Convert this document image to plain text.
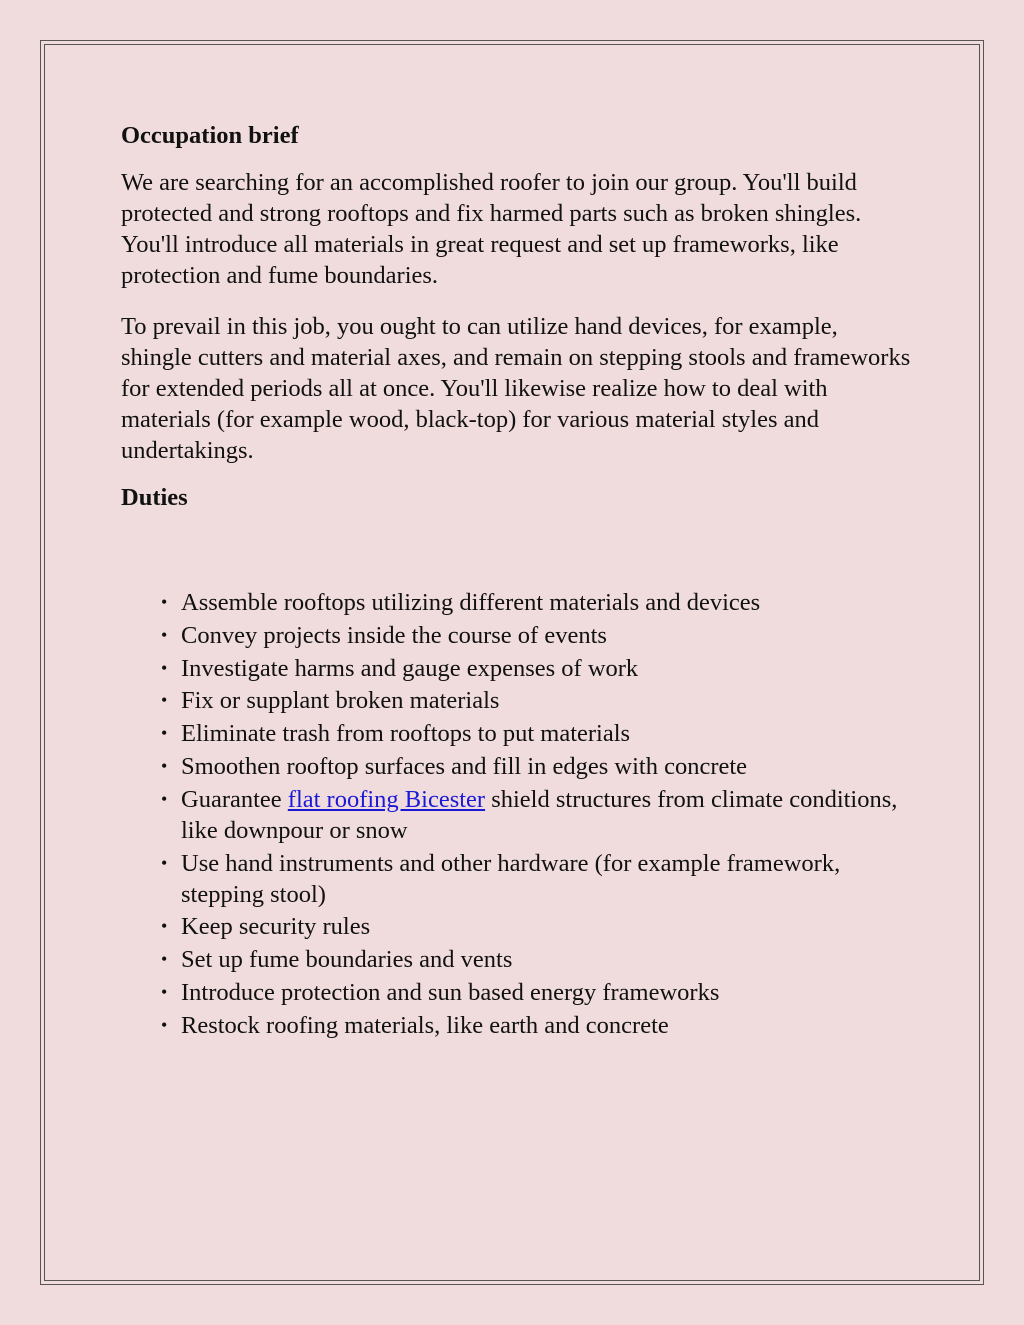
Occupation brief

We are searching for an accomplished roofer to join our group. You'll build protected and strong rooftops and fix harmed parts such as broken shingles. You'll introduce all materials in great request and set up frameworks, like protection and fume boundaries.

To prevail in this job, you ought to can utilize hand devices, for example, shingle cutters and material axes, and remain on stepping stools and frameworks for extended periods all at once. You'll likewise realize how to deal with materials (for example wood, black-top) for various material styles and undertakings.

Duties
• Assemble rooftops utilizing different materials and devices
• Convey projects inside the course of events
• Investigate harms and gauge expenses of work
• Fix or supplant broken materials
• Eliminate trash from rooftops to put materials
• Smoothen rooftop surfaces and fill in edges with concrete
• Guarantee flat roofing Bicester shield structures from climate conditions, like downpour or snow
• Use hand instruments and other hardware (for example framework, stepping stool)
• Keep security rules
• Set up fume boundaries and vents
• Introduce protection and sun based energy frameworks
• Restock roofing materials, like earth and concrete
